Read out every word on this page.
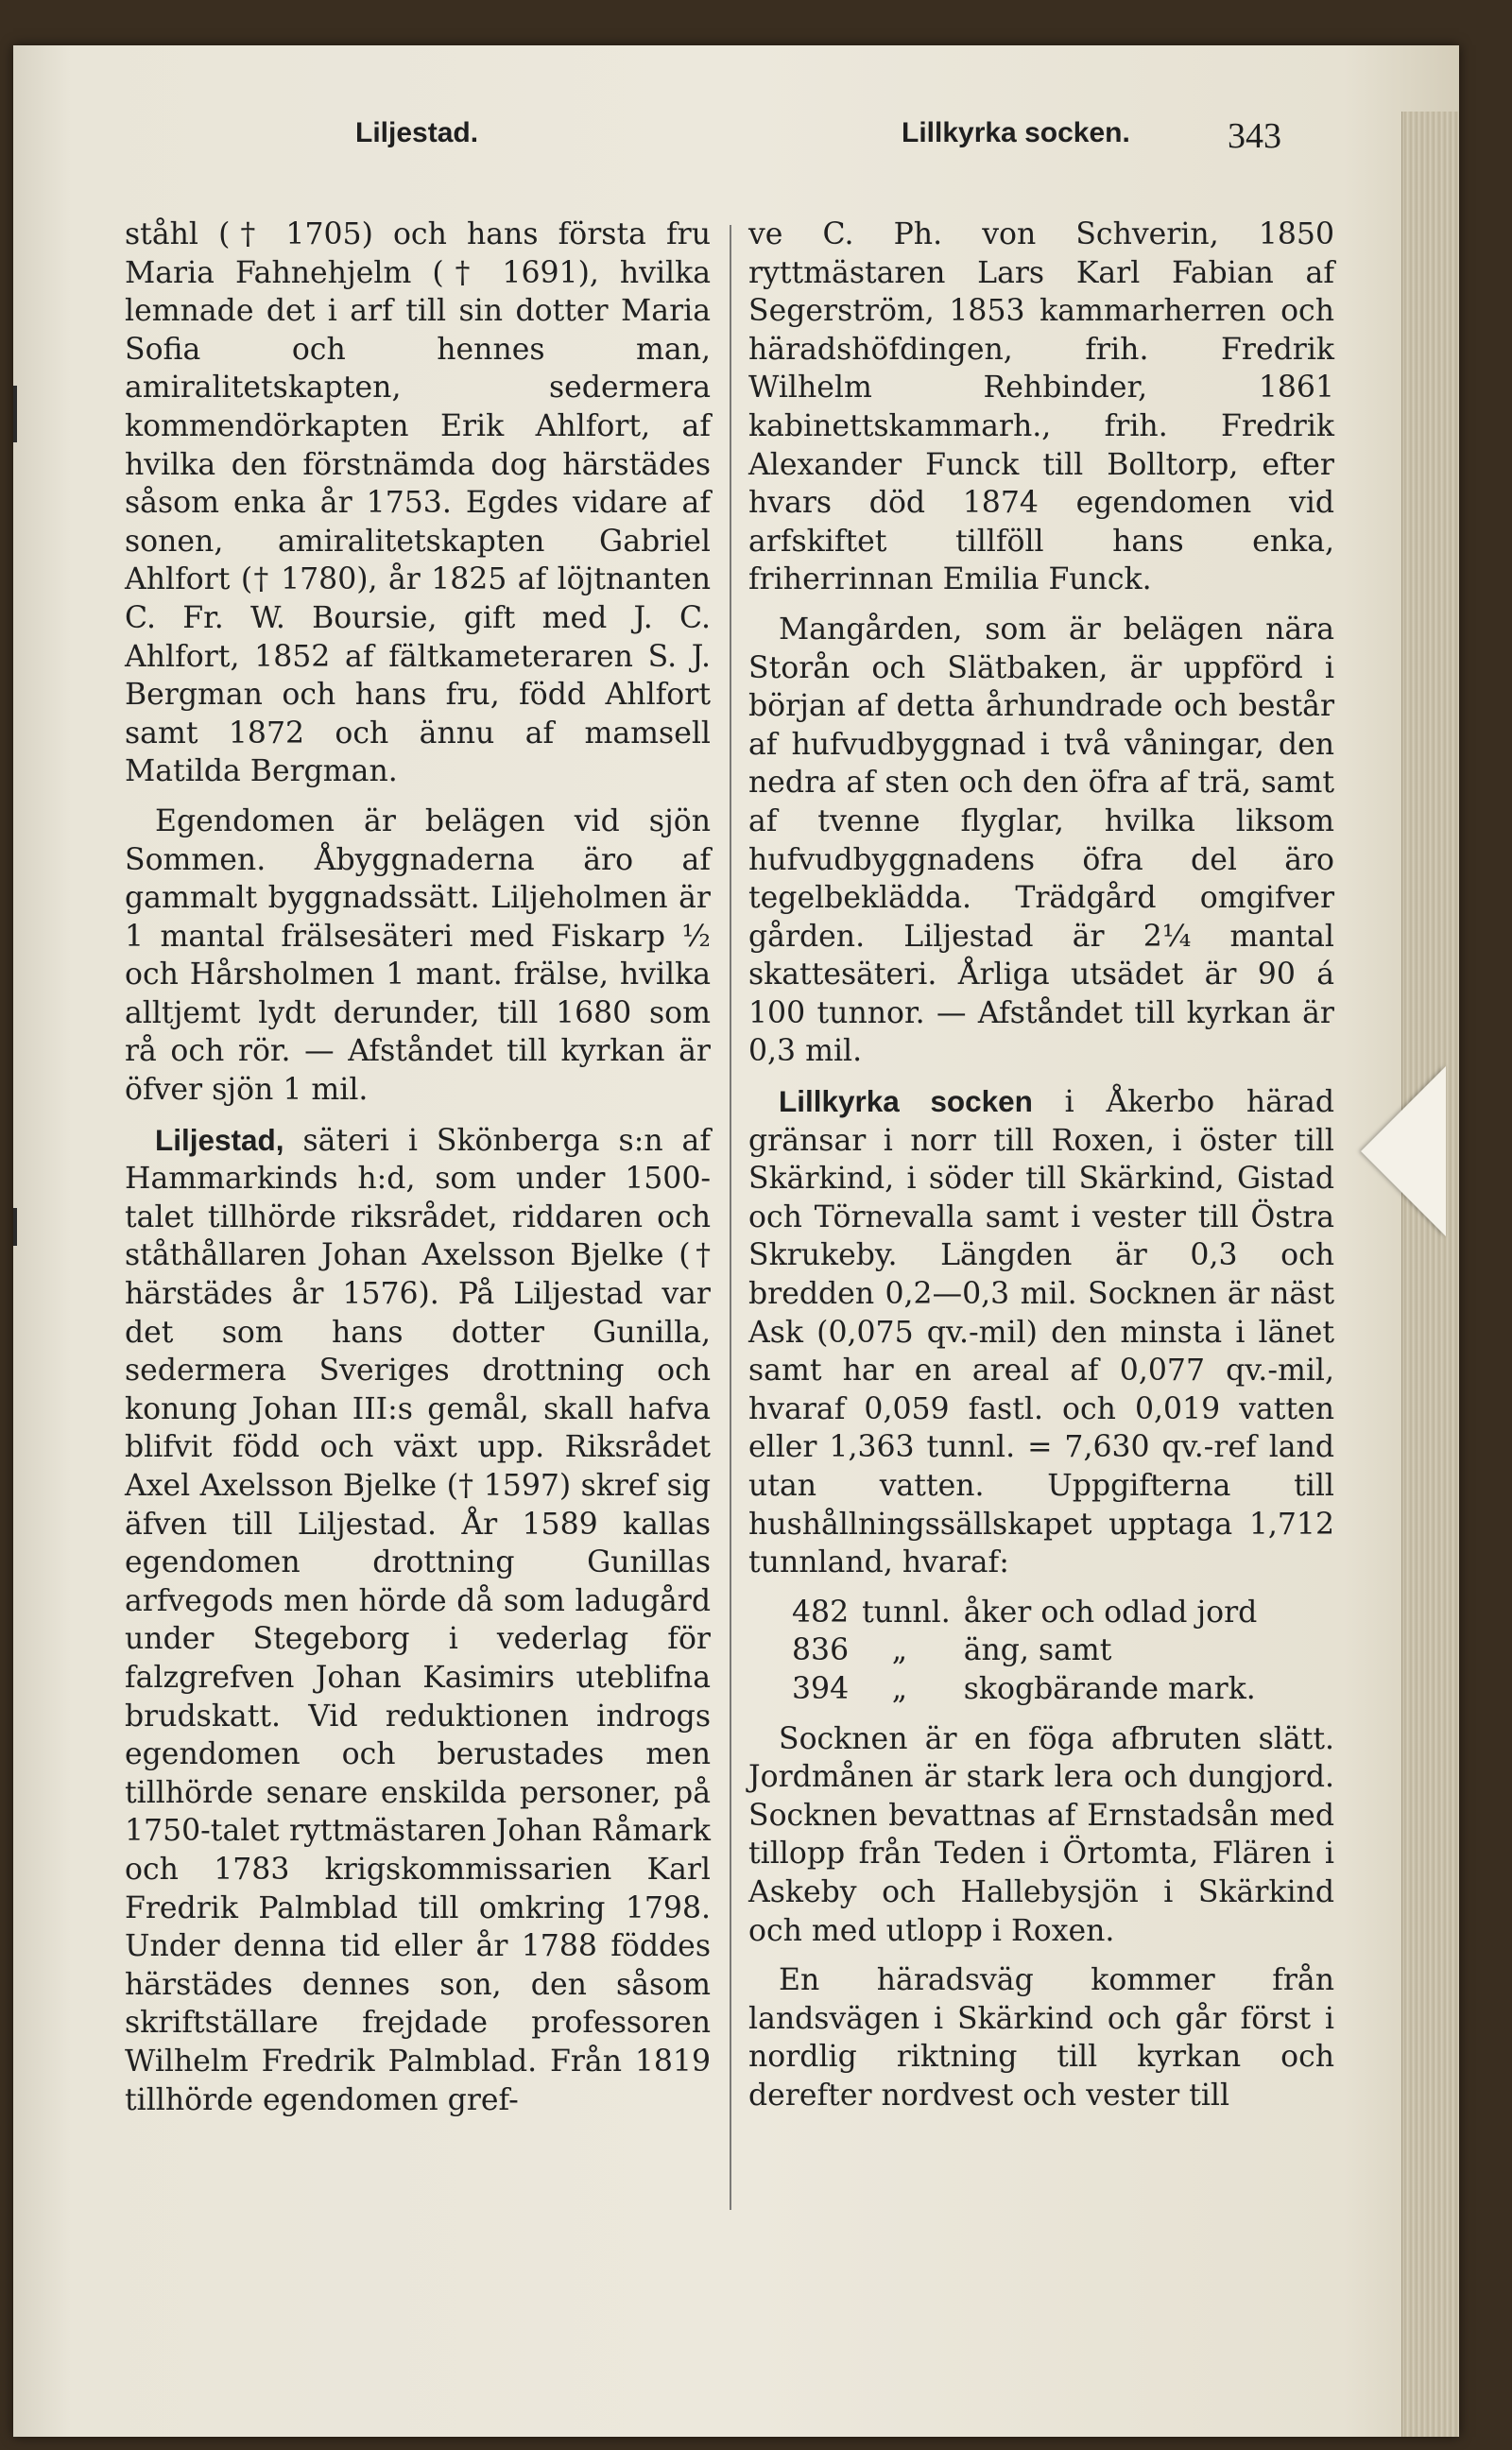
Liljestad.	Lillkyrka socken.	343

ståhl († 1705) och hans första fru Maria Fahnehjelm († 1691), hvilka lemnade det i arf till sin dotter Maria Sofia och hennes man, amiralitetskapten, sedermera kommendörkapten Erik Ahlfort, af hvilka den förstnämda dog härstädes såsom enka år 1753. Egdes vidare af sonen, amiralitetskapten Gabriel Ahlfort († 1780), år 1825 af löjtnanten C. Fr. W. Boursie, gift med J. C. Ahlfort, 1852 af fältkameteraren S. J. Bergman och hans fru, född Ahlfort samt 1872 och ännu af mamsell Matilda Bergman.

Egendomen är belägen vid sjön Sommen. Åbyggnaderna äro af gammalt byggnadssätt. Liljeholmen är 1 mantal frälsesäteri med Fiskarp ½ och Hårsholmen 1 mant. frälse, hvilka alltjemt lydt derunder, till 1680 som rå och rör. — Afståndet till kyrkan är öfver sjön 1 mil.

Liljestad, säteri i Skönberga s:n af Hammarkinds h:d, som under 1500-talet tillhörde riksrådet, riddaren och ståthållaren Johan Axelsson Bjelke († härstädes år 1576). På Liljestad var det som hans dotter Gunilla, sedermera Sveriges drottning och konung Johan III:s gemål, skall hafva blifvit född och växt upp. Riksrådet Axel Axelsson Bjelke († 1597) skref sig äfven till Liljestad. År 1589 kallas egendomen drottning Gunillas arfvegods men hörde då som ladugård under Stegeborg i vederlag för falzgrefven Johan Kasimirs uteblifna brudskatt. Vid reduktionen indrogs egendomen och berustades men tillhörde senare enskilda personer, på 1750-talet ryttmästaren Johan Råmark och 1783 krigskommissarien Karl Fredrik Palmblad till omkring 1798. Under denna tid eller år 1788 föddes härstädes dennes son, den såsom skriftställare frejdade professoren Wilhelm Fredrik Palmblad. Från 1819 tillhörde egendomen gref-

ve C. Ph. von Schverin, 1850 ryttmästaren Lars Karl Fabian af Segerström, 1853 kammarherren och häradshöfdingen, frih. Fredrik Wilhelm Rehbinder, 1861 kabinettskammarh., frih. Fredrik Alexander Funck till Bolltorp, efter hvars död 1874 egendomen vid arfskiftet tillföll hans enka, friherrinnan Emilia Funck.

Mangården, som är belägen nära Storån och Slätbaken, är uppförd i början af detta århundrade och består af hufvudbyggnad i två våningar, den nedra af sten och den öfra af trä, samt af tvenne flyglar, hvilka liksom hufvudbyggnadens öfra del äro tegelbeklädda. Trädgård omgifver gården. Liljestad är 2¼ mantal skattesäteri. Årliga utsädet är 90 á 100 tunnor. — Afståndet till kyrkan är 0,3 mil.

Lillkyrka socken i Åkerbo härad gränsar i norr till Roxen, i öster till Skärkind, i söder till Skärkind, Gistad och Törnevalla samt i vester till Östra Skrukeby. Längden är 0,3 och bredden 0,2—0,3 mil. Socknen är näst Ask (0,075 qv.-mil) den minsta i länet samt har en areal af 0,077 qv.-mil, hvaraf 0,059 fastl. och 0,019 vatten eller 1,363 tunnl. = 7,630 qv.-ref land utan vatten. Uppgifterna till hushållningssällskapet upptaga 1,712 tunnland, hvaraf:

482	tunnl.	åker och odlad jord
836	„	äng, samt
394	„	skogbärande mark.

Socknen är en föga afbruten slätt. Jordmånen är stark lera och dungjord. Socknen bevattnas af Ernstadsån med tillopp från Teden i Örtomta, Flären i Askeby och Hallebysjön i Skärkind och med utlopp i Roxen.

En häradsväg kommer från landsvägen i Skärkind och går först i nordlig riktning till kyrkan och derefter nordvest och vester till
